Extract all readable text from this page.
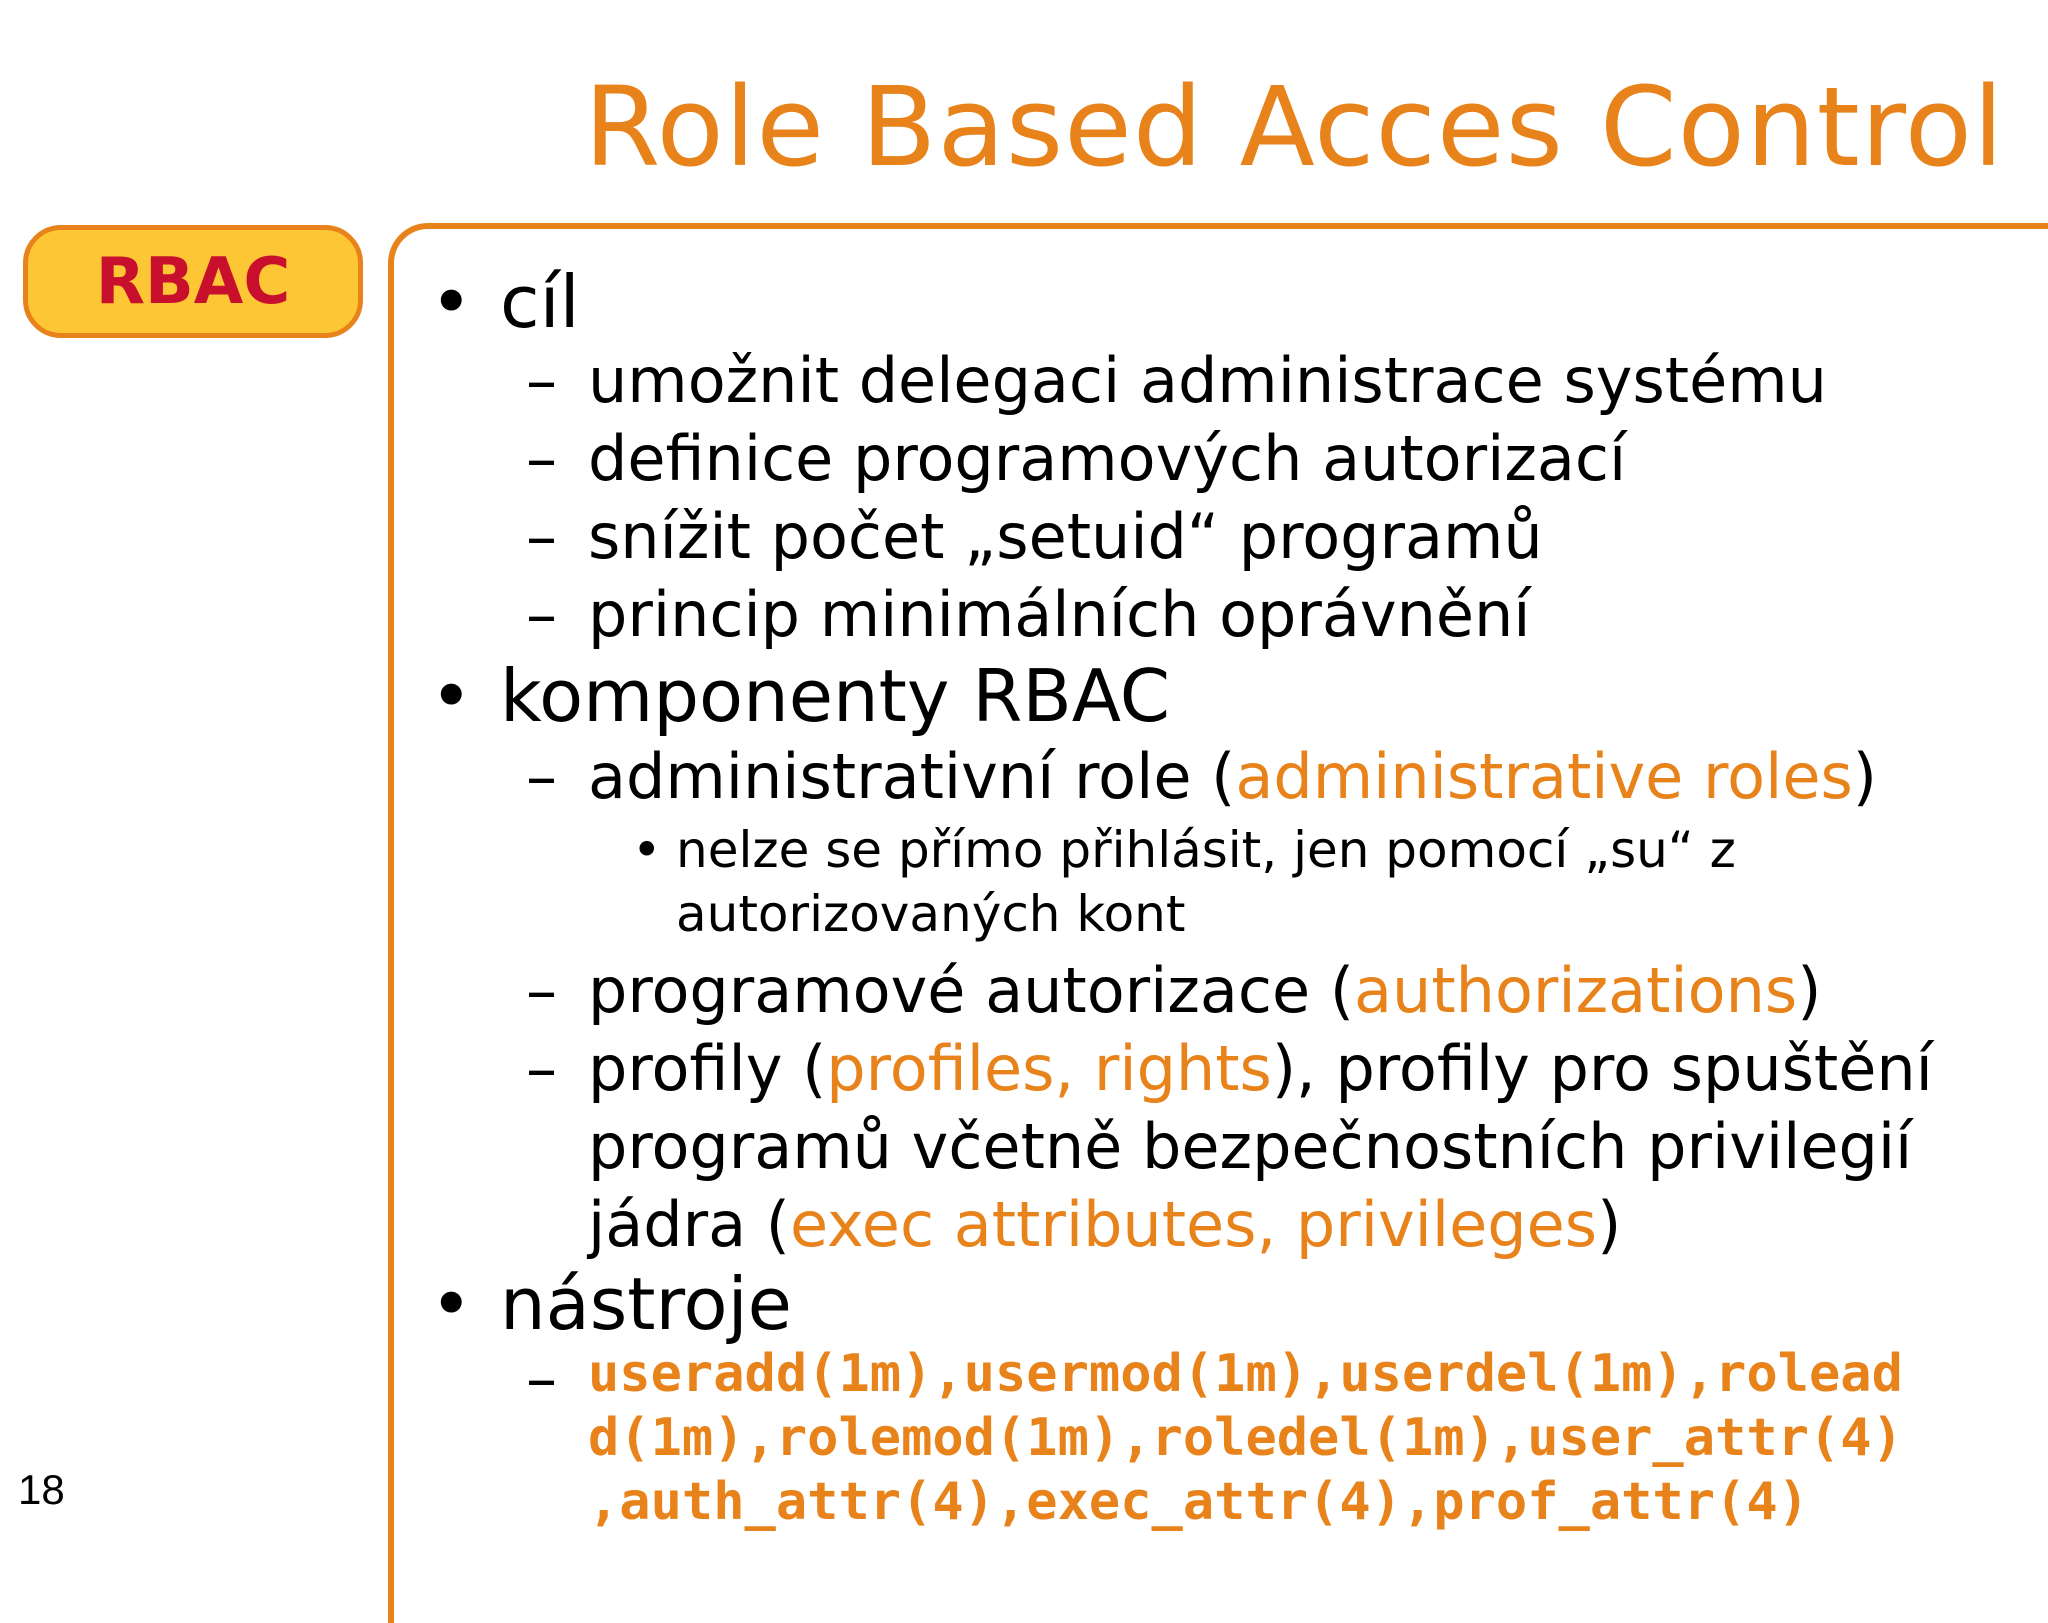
Role Based Acces Control
RBAC
18
• cíl
– umožnit delegaci administrace systému
– definice programových autorizací
– snížit počet „setuid“ programů
– princip minimálních oprávnění
• komponenty RBAC
– administrativní role (administrative roles)
• nelze se přímo přihlásit, jen pomocí „su“ z
autorizovaných kont
– programové autorizace (authorizations)
– profily (profiles, rights), profily pro spuštění
programů včetně bezpečnostních privilegií
jádra (exec attributes, privileges)
• nástroje
– useradd(1m),usermod(1m),userdel(1m),rolead
d(1m),rolemod(1m),roledel(1m),user_attr(4)
,auth_attr(4),exec_attr(4),prof_attr(4)
